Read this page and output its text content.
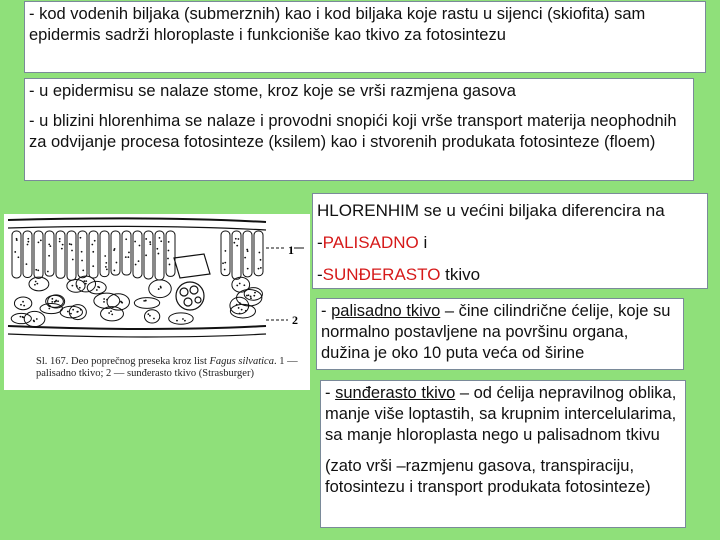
- kod vodenih biljaka (submerznih) kao i kod biljaka koje rastu u sijenci (skiofita) sam epidermis sadrži hloroplaste i funkcioniše kao tkivo za fotosintezu

- u epidermisu se nalaze stome, kroz koje se vrši razmjena gasova

- u blizini hlorenhima se nalaze i provodni snopići koji vrše transport materija neophodnih za odvijanje procesa fotosinteze (ksilem) kao i stvorenih produkata fotosinteze (floem)

1
2
Sl. 167. Deo poprečnog preseka kroz list Fagus silvatica. 1 — palisadno tkivo; 2 — sunđerasto tkivo (Strasburger)

HLORENHIM se u većini biljaka diferencira na

-PALISADNO i

-SUNĐERASTO tkivo

- palisadno tkivo – čine cilindrične ćelije, koje su normalno postavljene na površinu organa, dužina je oko 10 puta veća od širine

- sunđerasto tkivo – od ćelija nepravilnog oblika, manje više loptastih, sa krupnim intercelularima, sa manje hloroplasta nego u palisadnom tkivu

(zato vrši –razmjenu gasova, transpiraciju, fotosintezu i transport produkata fotosinteze)
